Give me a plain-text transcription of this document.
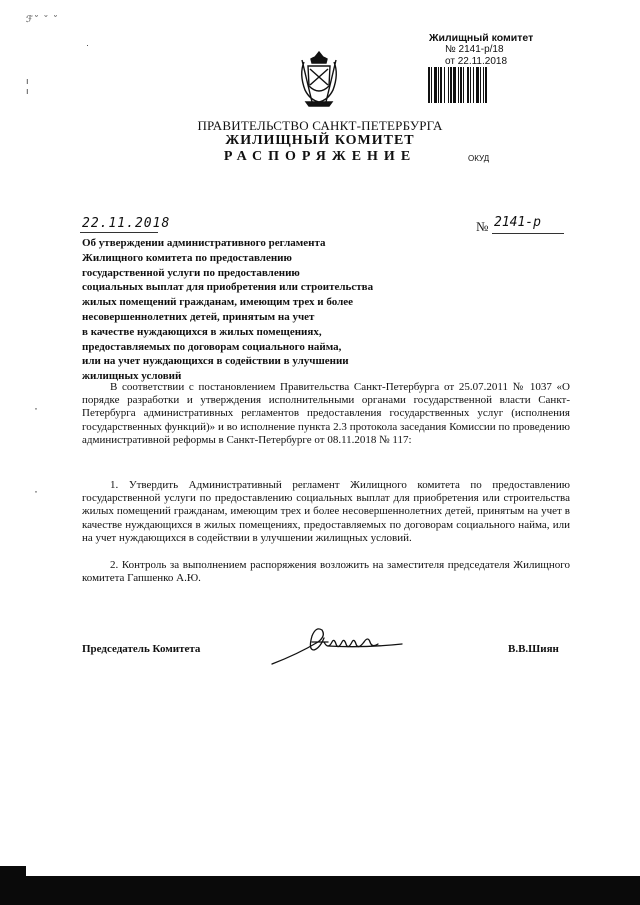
ℱ˘ ˘ ˘
·
ı
ı
·
·
Жилищный комитет
№ 2141-р/18
от 22.11.2018
ПРАВИТЕЛЬСТВО САНКТ-ПЕТЕРБУРГА
ЖИЛИЩНЫЙ КОМИТЕТ
РАСПОРЯЖЕНИЕ	ОКУД
22.11.2018	№ 2141-р
Об утверждении административного регламента
Жилищного комитета по предоставлению
государственной услуги по предоставлению
социальных выплат для приобретения или строительства
жилых помещений гражданам, имеющим трех и более
несовершеннолетних детей, принятым на учет
в качестве нуждающихся в жилых помещениях,
предоставляемых по договорам социального найма,
или на учет нуждающихся в содействии в улучшении
жилищных условий
В соответствии с постановлением Правительства Санкт-Петербурга от 25.07.2011 № 1037 «О порядке разработки и утверждения исполнительными органами государственной власти Санкт-Петербурга административных регламентов предоставления государственных услуг (исполнения государственных функций)» и во исполнение пункта 2.3 протокола заседания Комиссии по проведению административной реформы в Санкт-Петербурге от 08.11.2018 № 117:
1. Утвердить Административный регламент Жилищного комитета по предоставлению государственной услуги по предоставлению социальных выплат для приобретения или строительства жилых помещений гражданам, имеющим трех и более несовершеннолетних детей, принятым на учет в качестве нуждающихся в жилых помещениях, предоставляемых по договорам социального найма, или на учет нуждающихся в содействии в улучшении жилищных условий.
2. Контроль за выполнением распоряжения возложить на заместителя председателя Жилищного комитета Гапшенко А.Ю.
Председатель Комитета	В.В.Шиян
